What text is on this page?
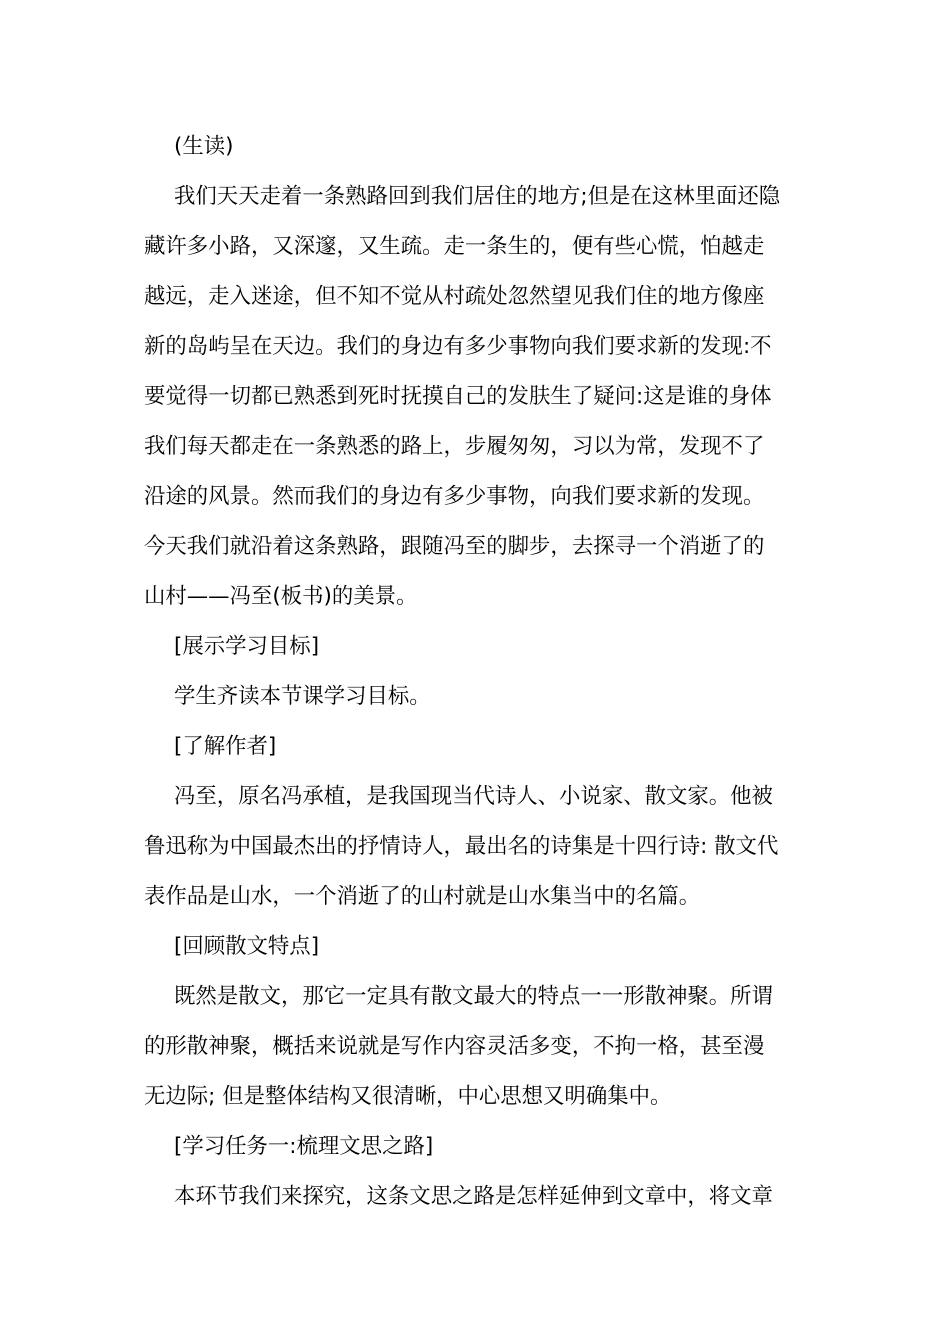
(生读)
我们天天走着一条熟路回到我们居住的地方;但是在这林里面还隐
藏许多小路，又深邃，又生疏。走一条生的，便有些心慌，怕越走
越远，走入迷途，但不知不觉从村疏处忽然望见我们住的地方像座
新的岛屿呈在天边。我们的身边有多少事物向我们要求新的发现:不
要觉得一切都已熟悉到死时抚摸自己的发肤生了疑问:这是谁的身体
我们每天都走在一条熟悉的路上，步履匆匆，习以为常，发现不了
沿途的风景。然而我们的身边有多少事物，向我们要求新的发现。
今天我们就沿着这条熟路，跟随冯至的脚步，去探寻一个消逝了的
山村——冯至(板书)的美景。
[展示学习目标]
学生齐读本节课学习目标。
[了解作者]
冯至，原名冯承植，是我国现当代诗人、小说家、散文家。他被
鲁迅称为中国最杰出的抒情诗人，最出名的诗集是十四行诗: 散文代
表作品是山水，一个消逝了的山村就是山水集当中的名篇。
[回顾散文特点]
既然是散文，那它一定具有散文最大的特点一一形散神聚。所谓
的形散神聚，概括来说就是写作内容灵活多变，不拘一格，甚至漫
无边际; 但是整体结构又很清晰，中心思想又明确集中。
[学习任务一:梳理文思之路]
本环节我们来探究，这条文思之路是怎样延伸到文章中，将文章
